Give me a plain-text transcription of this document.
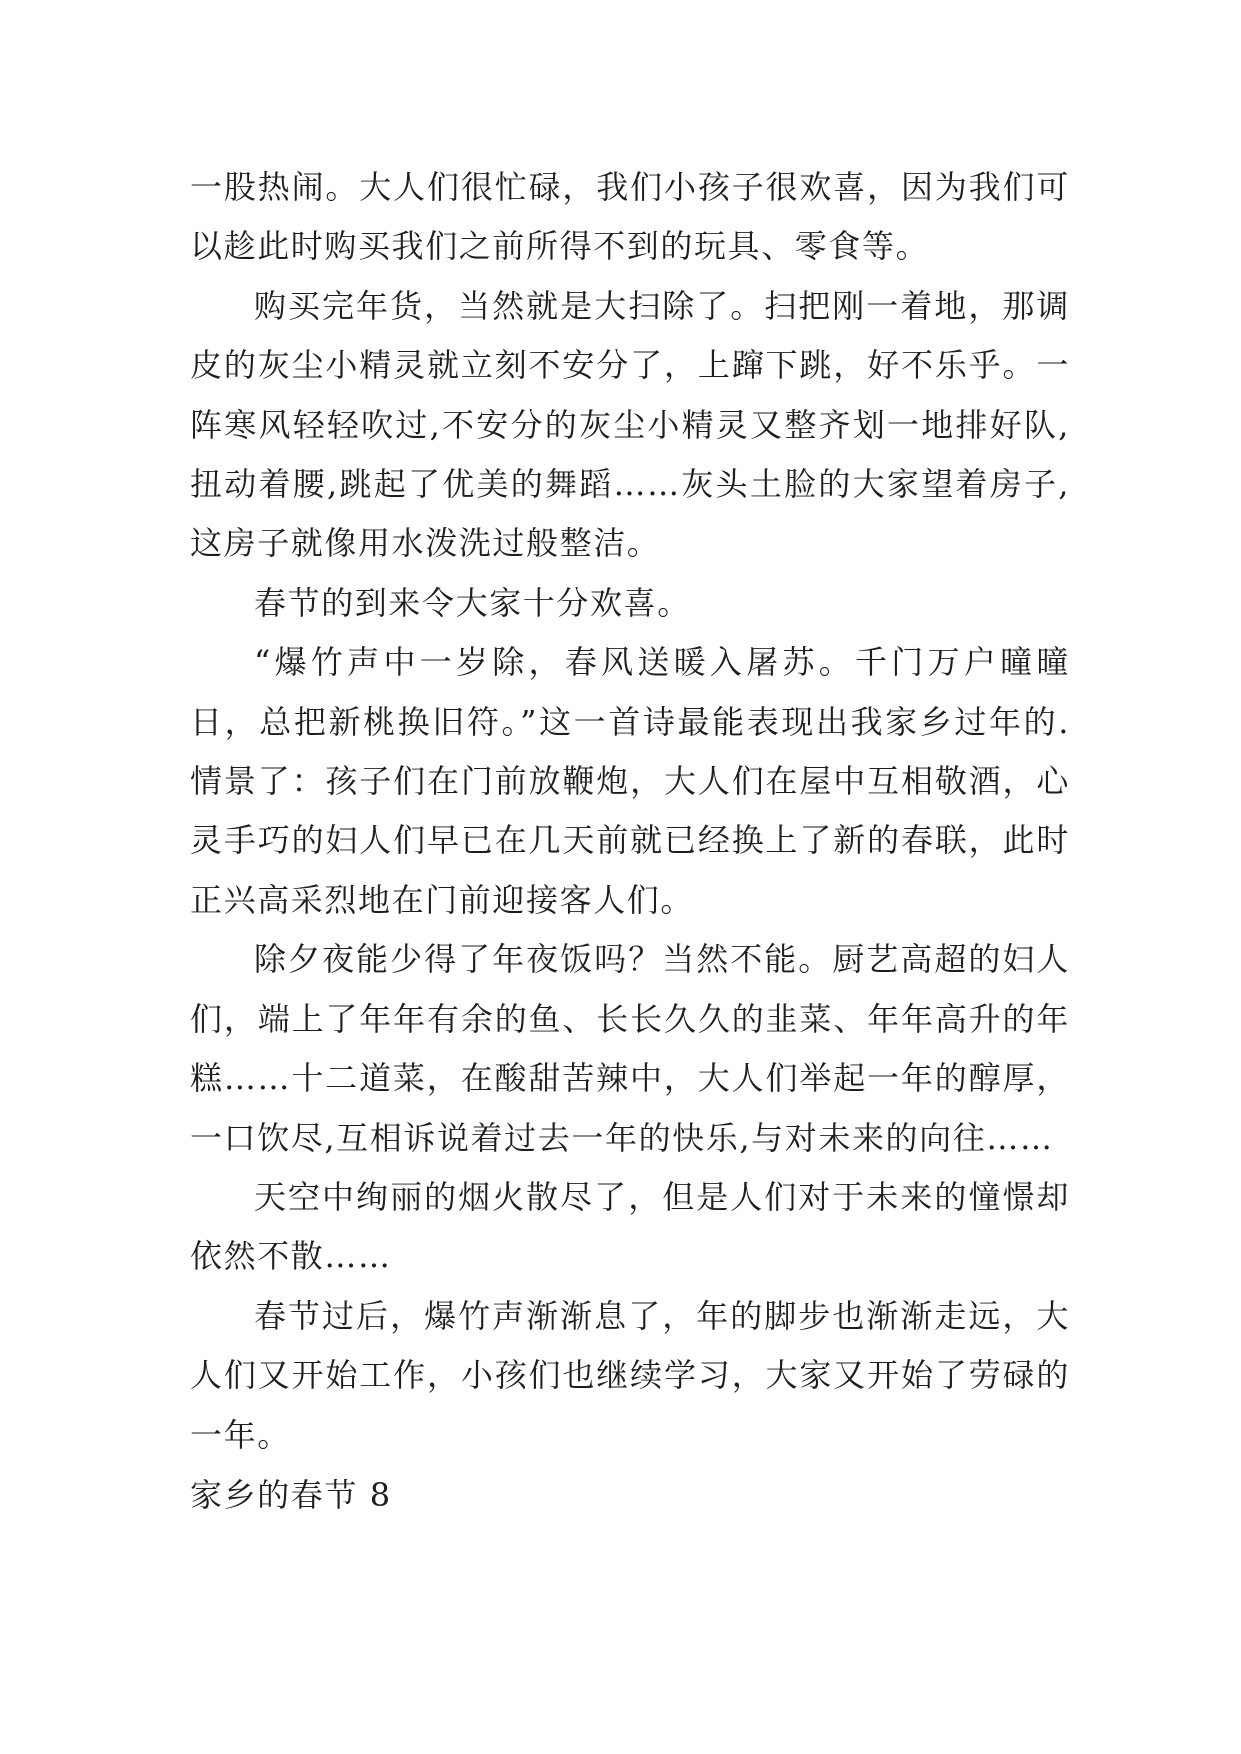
一股热闹。大人们很忙碌，我们小孩子很欢喜，因为我们可以趁此时购买我们之前所得不到的玩具、零食等。

购买完年货，当然就是大扫除了。扫把刚一着地，那调皮的灰尘小精灵就立刻不安分了，上蹿下跳，好不乐乎。一阵寒风轻轻吹过,不安分的灰尘小精灵又整齐划一地排好队,扭动着腰,跳起了优美的舞蹈……灰头土脸的大家望着房子,这房子就像用水泼洗过般整洁。

春节的到来令大家十分欢喜。

“爆竹声中一岁除，春风送暖入屠苏。千门万户曈曈日，总把新桃换旧符。”这一首诗最能表现出我家乡过年的.情景了：孩子们在门前放鞭炮，大人们在屋中互相敬酒，心灵手巧的妇人们早已在几天前就已经换上了新的春联，此时正兴高采烈地在门前迎接客人们。

除夕夜能少得了年夜饭吗？当然不能。厨艺高超的妇人们，端上了年年有余的鱼、长长久久的韭菜、年年高升的年糕……十二道菜，在酸甜苦辣中，大人们举起一年的醇厚，一口饮尽,互相诉说着过去一年的快乐,与对未来的向往……

天空中绚丽的烟火散尽了，但是人们对于未来的憧憬却依然不散……

春节过后，爆竹声渐渐息了，年的脚步也渐渐走远，大人们又开始工作，小孩们也继续学习，大家又开始了劳碌的一年。

家乡的春节 8
